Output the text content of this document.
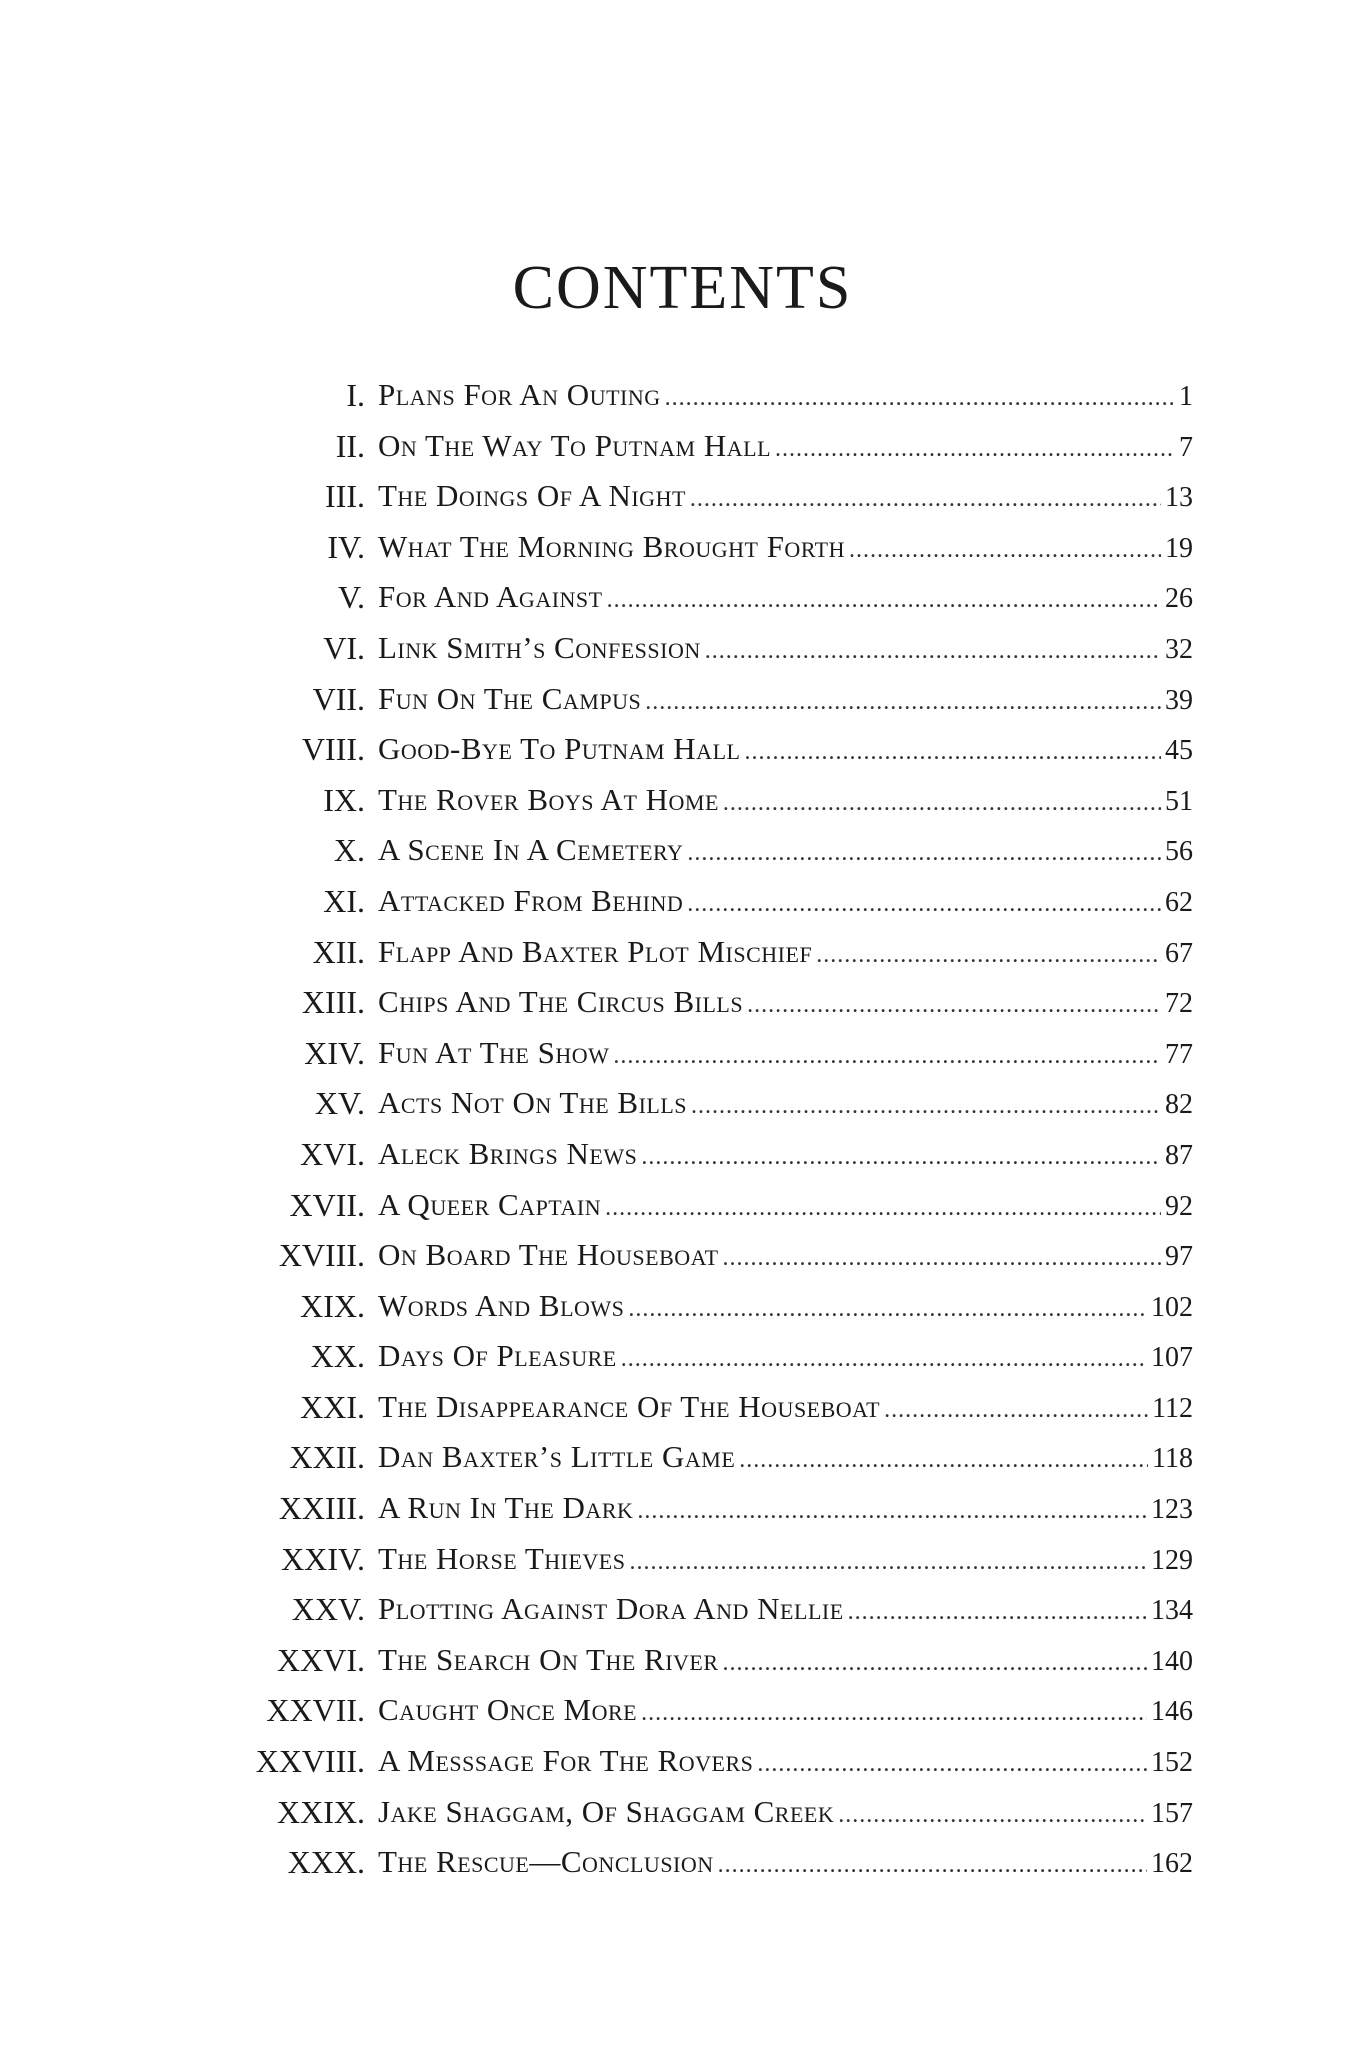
CONTENTS
I. Plans For An Outing .....	1
II. On The Way To Putnam Hall .....	7
III. The Doings Of A Night .....	13
IV. What The Morning Brought Forth .....	19
V. For And Against .....	26
VI. Link Smith’s Confession .....	32
VII. Fun On The Campus .....	39
VIII. Good-Bye To Putnam Hall .....	45
IX. The Rover Boys At Home .....	51
X. A Scene In A Cemetery .....	56
XI. Attacked From Behind .....	62
XII. Flapp And Baxter Plot Mischief .....	67
XIII. Chips And The Circus Bills .....	72
XIV. Fun At The Show .....	77
XV. Acts Not On The Bills .....	82
XVI. Aleck Brings News .....	87
XVII. A Queer Captain .....	92
XVIII. On Board The Houseboat .....	97
XIX. Words And Blows .....	102
XX. Days Of Pleasure .....	107
XXI. The Disappearance Of The Houseboat .....	112
XXII. Dan Baxter’s Little Game .....	118
XXIII. A Run In The Dark .....	123
XXIV. The Horse Thieves .....	129
XXV. Plotting Against Dora And Nellie .....	134
XXVI. The Search On The River .....	140
XXVII. Caught Once More .....	146
XXVIII. A Messsage For The Rovers .....	152
XXIX. Jake Shaggam, Of Shaggam Creek .....	157
XXX. The Rescue—Conclusion .....	162
